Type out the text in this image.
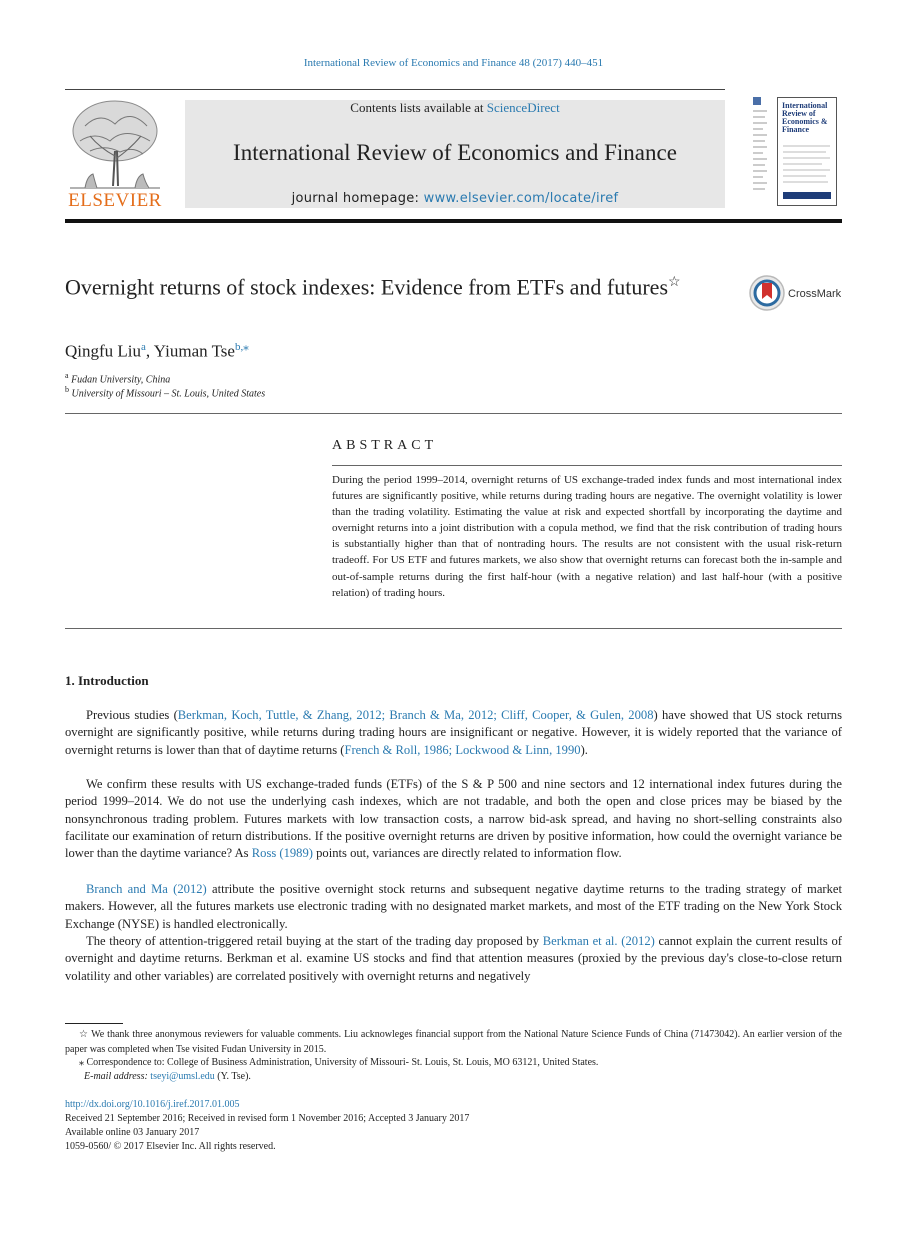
International Review of Economics and Finance 48 (2017) 440–451
Contents lists available at ScienceDirect
International Review of Economics and Finance
journal homepage: www.elsevier.com/locate/iref
ELSEVIER
International Review of Economics & Finance
Overnight returns of stock indexes: Evidence from ETFs and futures☆
CrossMark
Qingfu Liu$^a$, Yiuman Tse$^{b,⁎}$
$^a$ Fudan University, China
$^b$ University of Missouri – St. Louis, United States
ABSTRACT
During the period 1999–2014, overnight returns of US exchange-traded index funds and most international index futures are significantly positive, while returns during trading hours are negative. The overnight volatility is lower than the trading volatility. Estimating the value at risk and expected shortfall by incorporating the daytime and overnight returns into a joint distribution with a copula method, we find that the risk contribution of trading hours is substantially higher than that of nontrading hours. The results are not consistent with the usual risk-return tradeoff. For US ETF and futures markets, we also show that overnight returns can forecast both the in-sample and out-of-sample returns during the first half-hour (with a negative relation) and last half-hour (with a positive relation) of trading hours.
1. Introduction
Previous studies (Berkman, Koch, Tuttle, & Zhang, 2012; Branch & Ma, 2012; Cliff, Cooper, & Gulen, 2008) have showed that US stock returns overnight are significantly positive, while returns during trading hours are insignificant or negative. However, it is widely reported that the variance of overnight returns is lower than that of daytime returns (French & Roll, 1986; Lockwood & Linn, 1990).
We confirm these results with US exchange-traded funds (ETFs) of the S & P 500 and nine sectors and 12 international index futures during the period 1999–2014. We do not use the underlying cash indexes, which are not tradable, and both the open and close prices may be biased by the nonsynchronous trading problem. Futures markets with low transaction costs, a narrow bid-ask spread, and having no short-selling constraints also facilitate our examination of return distributions. If the positive overnight returns are driven by positive information, how could the overnight variance be lower than the daytime variance? As Ross (1989) points out, variances are directly related to information flow.
Branch and Ma (2012) attribute the positive overnight stock returns and subsequent negative daytime returns to the trading strategy of market makers. However, all the futures markets use electronic trading with no designated market markets, and most of the ETF trading on the New York Stock Exchange (NYSE) is handled electronically.
The theory of attention-triggered retail buying at the start of the trading day proposed by Berkman et al. (2012) cannot explain the current results of overnight and daytime returns. Berkman et al. examine US stocks and find that attention measures (proxied by the previous day's close-to-close return volatility and other variables) are correlated positively with overnight returns and negatively
☆ We thank three anonymous reviewers for valuable comments. Liu acknowleges financial support from the National Nature Science Funds of China (71473042). An earlier version of the paper was completed when Tse visited Fudan University in 2015.
⁎ Correspondence to: College of Business Administration, University of Missouri- St. Louis, St. Louis, MO 63121, United States.
E-mail address: tseyi@umsl.edu (Y. Tse).
http://dx.doi.org/10.1016/j.iref.2017.01.005
Received 21 September 2016; Received in revised form 1 November 2016; Accepted 3 January 2017
Available online 03 January 2017
1059-0560/ © 2017 Elsevier Inc. All rights reserved.
